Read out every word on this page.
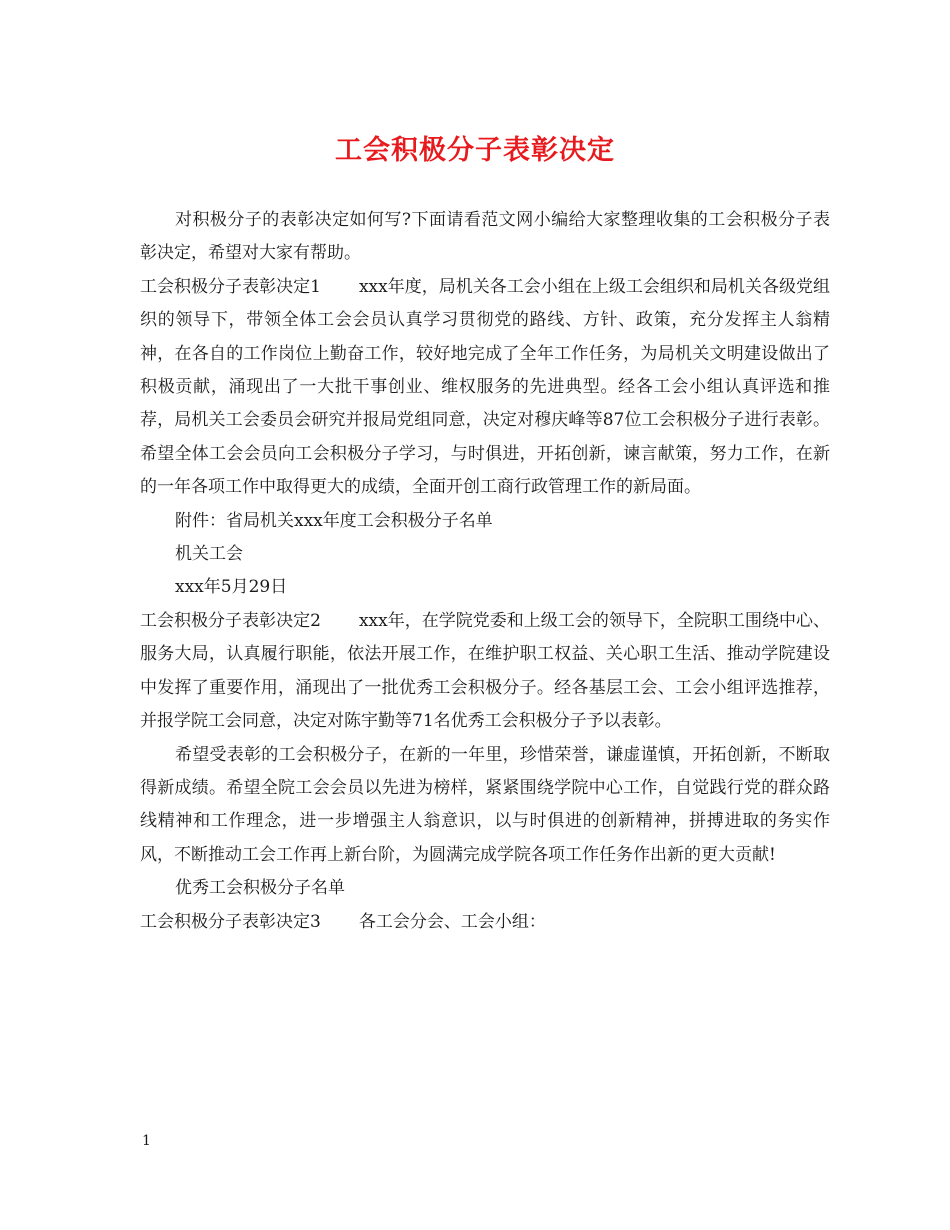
工会积极分子表彰决定

对积极分子的表彰决定如何写?下面请看范文网小编给大家整理收集的工会积极分子表彰决定，希望对大家有帮助。

工会积极分子表彰决定1 xxx年度，局机关各工会小组在上级工会组织和局机关各级党组织的领导下，带领全体工会会员认真学习贯彻党的路线、方针、政策，充分发挥主人翁精神，在各自的工作岗位上勤奋工作，较好地完成了全年工作任务，为局机关文明建设做出了积极贡献，涌现出了一大批干事创业、维权服务的先进典型。经各工会小组认真评选和推荐，局机关工会委员会研究并报局党组同意，决定对穆庆峰等87位工会积极分子进行表彰。希望全体工会会员向工会积极分子学习，与时俱进，开拓创新，谏言献策，努力工作，在新的一年各项工作中取得更大的成绩，全面开创工商行政管理工作的新局面。

附件：省局机关xxx年度工会积极分子名单

机关工会

xxx年5月29日

工会积极分子表彰决定2 xxx年，在学院党委和上级工会的领导下，全院职工围绕中心、服务大局，认真履行职能，依法开展工作，在维护职工权益、关心职工生活、推动学院建设中发挥了重要作用，涌现出了一批优秀工会积极分子。经各基层工会、工会小组评选推荐，并报学院工会同意，决定对陈宇勤等71名优秀工会积极分子予以表彰。

希望受表彰的工会积极分子，在新的一年里，珍惜荣誉，谦虚谨慎，开拓创新，不断取得新成绩。希望全院工会会员以先进为榜样，紧紧围绕学院中心工作，自觉践行党的群众路线精神和工作理念，进一步增强主人翁意识，以与时俱进的创新精神，拼搏进取的务实作风，不断推动工会工作再上新台阶，为圆满完成学院各项工作任务作出新的更大贡献!

优秀工会积极分子名单

工会积极分子表彰决定3 各工会分会、工会小组：

1
